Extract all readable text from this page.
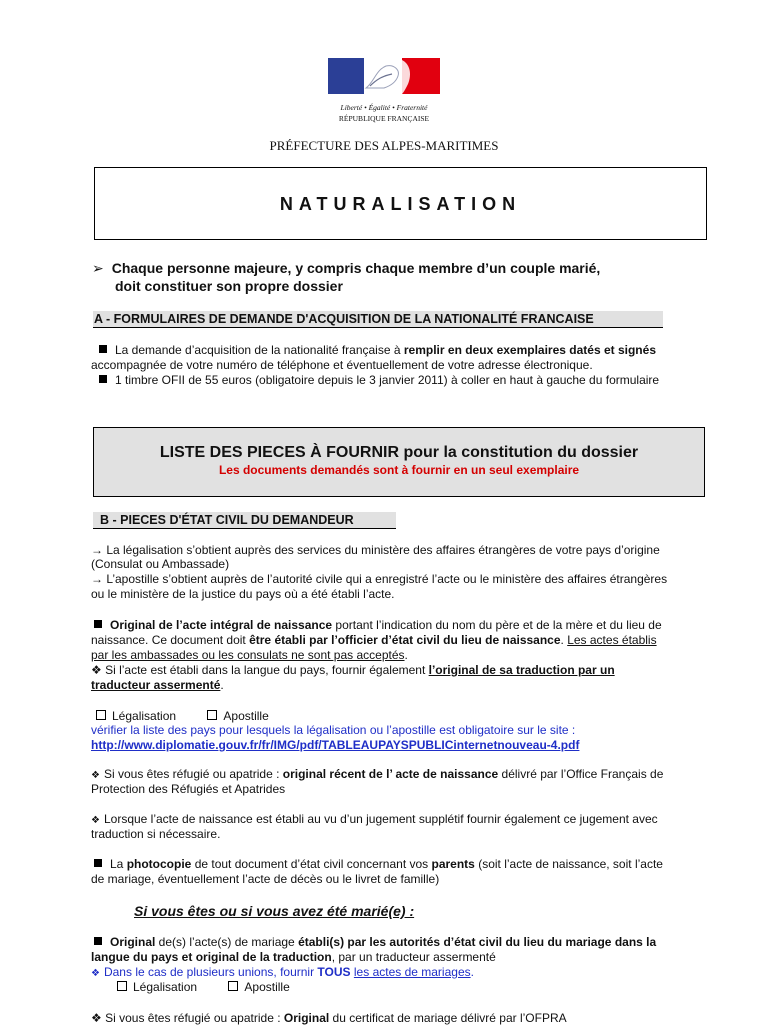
Liberté • Égalité • Fraternité
RÉPUBLIQUE FRANÇAISE
PRÉFECTURE DES ALPES-MARITIMES
NATURALISATION
➢ Chaque personne majeure, y compris chaque membre d’un couple marié,
doit constituer son propre dossier
A - FORMULAIRES DE DEMANDE D'ACQUISITION DE LA NATIONALITÉ FRANCAISE
La demande d’acquisition de la nationalité française à remplir en deux exemplaires datés et signés
accompagnée de votre numéro de téléphone et éventuellement de votre adresse électronique.
1 timbre OFII de 55 euros (obligatoire depuis le 3 janvier 2011) à coller en haut à gauche du formulaire
LISTE DES PIECES À FOURNIR pour la constitution du dossier
Les documents demandés sont à fournir en un seul exemplaire
B - PIECES D'ÉTAT CIVIL DU DEMANDEUR
→ La légalisation s’obtient auprès des services du ministère des affaires étrangères de votre pays d’origine
(Consulat ou Ambassade)
→ L’apostille s’obtient auprès de l’autorité civile qui a enregistré l’acte ou le ministère des affaires étrangères
ou le ministère de la justice du pays où a été établi l’acte.
Original de l’acte intégral de naissance portant l’indication du nom du père et de la mère et du lieu de
naissance. Ce document doit être établi par l’officier d’état civil du lieu de naissance. Les actes établis
par les ambassades ou les consulats ne sont pas acceptés.
❖ Si l’acte est établi dans la langue du pays, fournir également l’original de sa traduction par un
traducteur assermenté.
Légalisation	Apostille
vérifier la liste des pays pour lesquels la légalisation ou l’apostille est obligatoire sur le site :
http://www.diplomatie.gouv.fr/fr/IMG/pdf/TABLEAUPAYSPUBLICinternetnouveau-4.pdf
❖ Si vous êtes réfugié ou apatride : original récent de l’ acte de naissance délivré par l’Office Français de
Protection des Réfugiés et Apatrides
❖ Lorsque l’acte de naissance est établi au vu d’un jugement supplétif fournir également ce jugement avec
traduction si nécessaire.
La photocopie de tout document d’état civil concernant vos parents (soit l’acte de naissance, soit l’acte
de mariage, éventuellement l’acte de décès ou le livret de famille)
Si vous êtes ou si vous avez été marié(e) :
Original de(s) l’acte(s) de mariage établi(s) par les autorités d’état civil du lieu du mariage dans la
langue du pays et original de la traduction, par un traducteur assermenté
❖ Dans le cas de plusieurs unions, fournir TOUS les actes de mariages.
Légalisation	Apostille
❖ Si vous êtes réfugié ou apatride : Original du certificat de mariage délivré par l’OFPRA
